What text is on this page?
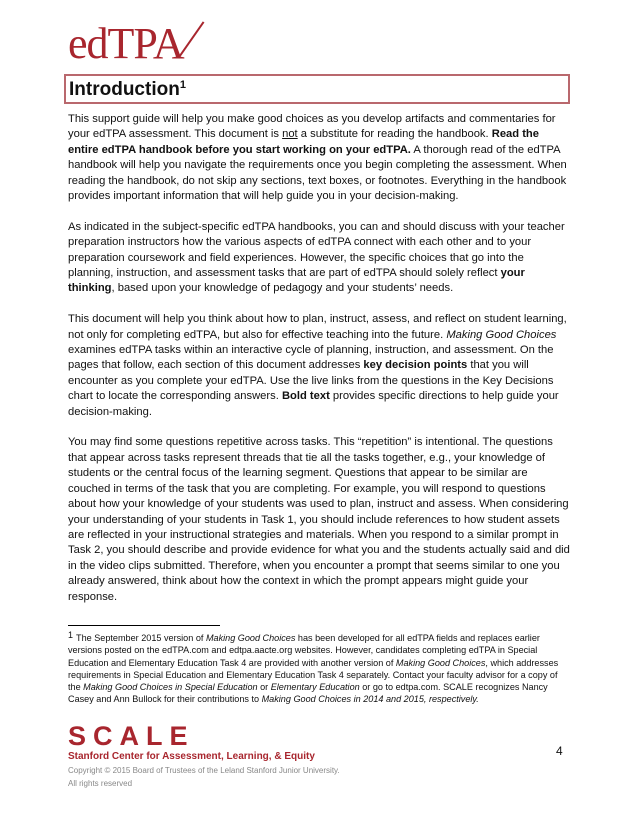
edTPA
Introduction$^1$

This support guide will help you make good choices as you develop artifacts and commentaries for your edTPA assessment. This document is not a substitute for reading the handbook. Read the entire edTPA handbook before you start working on your edTPA. A thorough read of the edTPA handbook will help you navigate the requirements once you begin completing the assessment. When reading the handbook, do not skip any sections, text boxes, or footnotes. Everything in the handbook provides important information that will help guide you in your decision-making.

As indicated in the subject-specific edTPA handbooks, you can and should discuss with your teacher preparation instructors how the various aspects of edTPA connect with each other and to your preparation coursework and field experiences. However, the specific choices that go into the planning, instruction, and assessment tasks that are part of edTPA should solely reflect your thinking, based upon your knowledge of pedagogy and your students’ needs.

This document will help you think about how to plan, instruct, assess, and reflect on student learning, not only for completing edTPA, but also for effective teaching into the future. Making Good Choices examines edTPA tasks within an interactive cycle of planning, instruction, and assessment. On the pages that follow, each section of this document addresses key decision points that you will encounter as you complete your edTPA. Use the live links from the questions in the Key Decisions chart to locate the corresponding answers. Bold text provides specific directions to help guide your decision-making.

You may find some questions repetitive across tasks. This “repetition” is intentional. The questions that appear across tasks represent threads that tie all the tasks together, e.g., your knowledge of students or the central focus of the learning segment. Questions that appear to be similar are couched in terms of the task that you are completing. For example, you will respond to questions about how your knowledge of your students was used to plan, instruct and assess. When considering your understanding of your students in Task 1, you should include references to how student assets are reflected in your instructional strategies and materials. When you respond to a similar prompt in Task 2, you should describe and provide evidence for what you and the students actually said and did in the video clips submitted. Therefore, when you encounter a prompt that seems similar to one you already answered, think about how the context in which the prompt appears might guide your response.

$^1$ The September 2015 version of Making Good Choices has been developed for all edTPA fields and replaces earlier versions posted on the edTPA.com and edtpa.aacte.org websites. However, candidates completing edTPA in Special Education and Elementary Education Task 4 are provided with another version of Making Good Choices, which addresses requirements in Special Education and Elementary Education Task 4 separately. Contact your faculty advisor for a copy of the Making Good Choices in Special Education or Elementary Education or go to edtpa.com. SCALE recognizes Nancy Casey and Ann Bullock for their contributions to Making Good Choices in 2014 and 2015, respectively.
SCALE
Stanford Center for Assessment, Learning, & Equity	4
Copyright © 2015 Board of Trustees of the Leland Stanford Junior University.
All rights reserved
